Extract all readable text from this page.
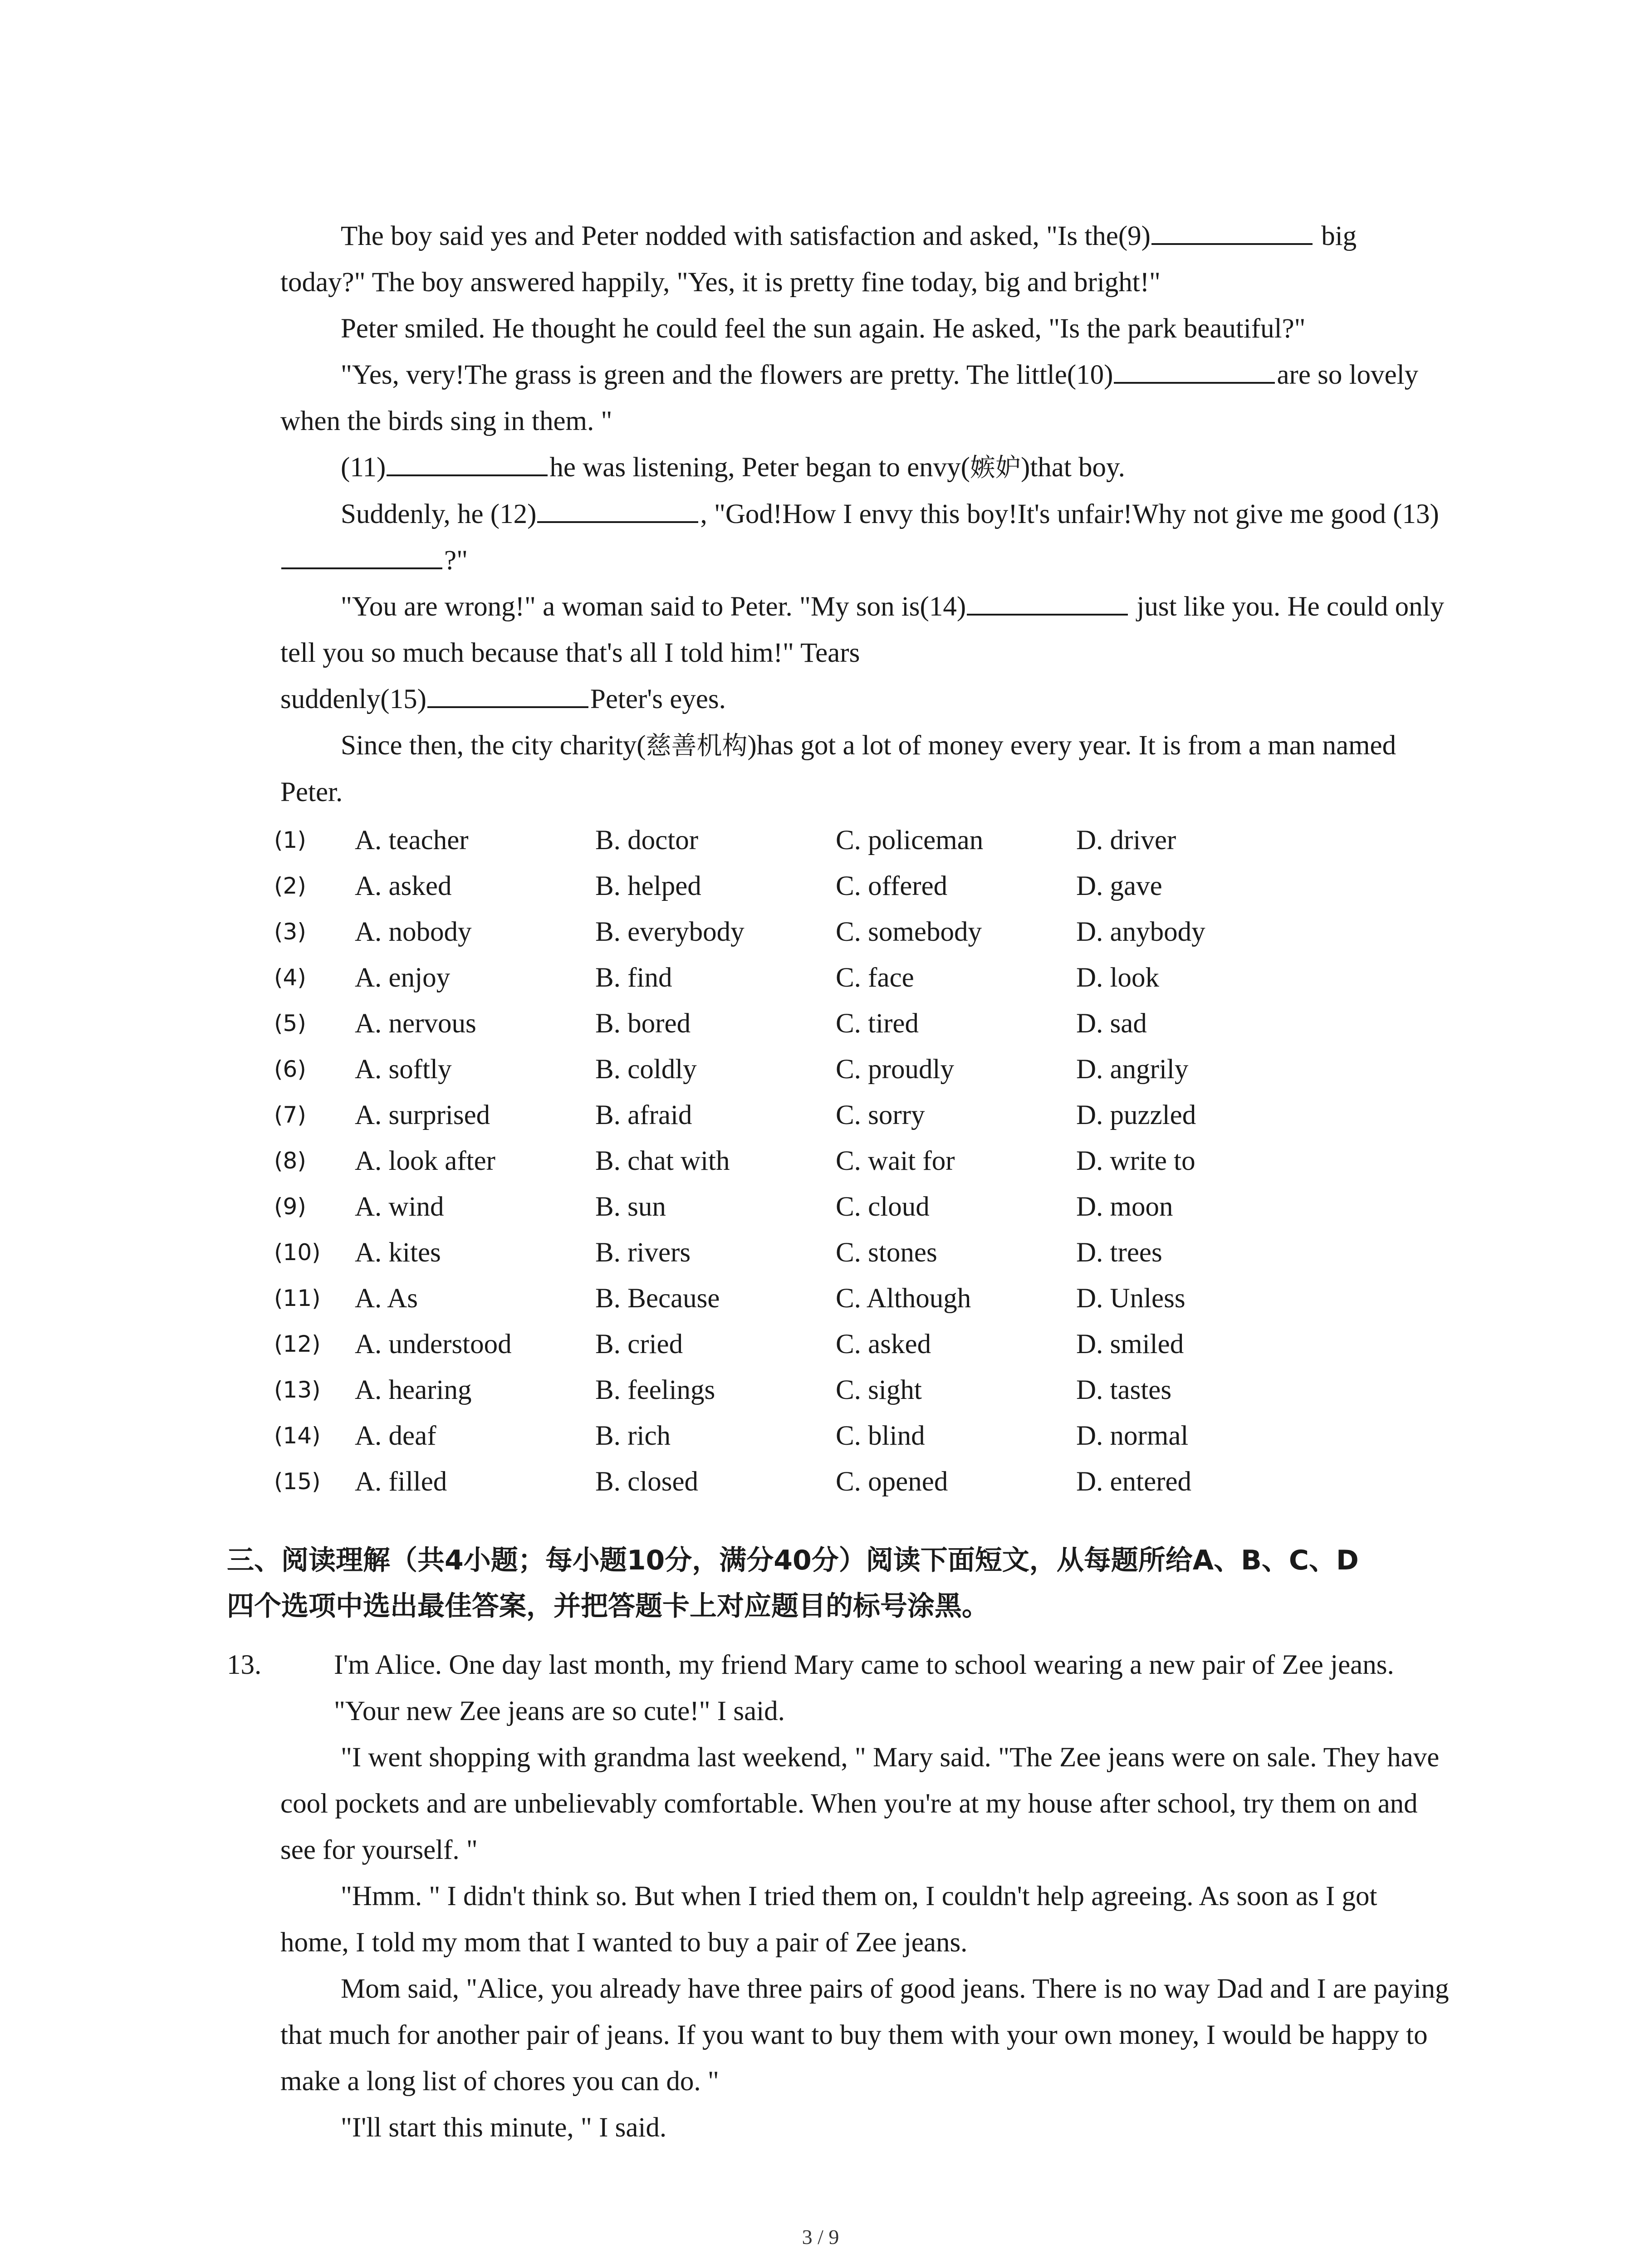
The boy said yes and Peter nodded with satisfaction and asked, "Is the(9)	big today?" The boy answered happily, "Yes, it is pretty fine today, big and bright!"

Peter smiled. He thought he could feel the sun again. He asked, "Is the park beautiful?"

"Yes, very!The grass is green and the flowers are pretty. The little(10)	are so lovely when the birds sing in them. "

(11)	he was listening, Peter began to envy(嫉妒)that boy.

Suddenly, he (12)	, "God!How I envy this boy!It's unfair!Why not give me good (13)?"

"You are wrong!" a woman said to Peter. "My son is(14)	just like you. He could only tell you so much because that's all I told him!" Tears

suddenly(15)	Peter's eyes.

Since then, the city charity(慈善机构)has got a lot of money every year. It is from a man named Peter.

(1)	A. teacher	B. doctor	C. policeman	D. driver
(2)	A. asked	B. helped	C. offered	D. gave
(3)	A. nobody	B. everybody	C. somebody	D. anybody
(4)	A. enjoy	B. find	C. face	D. look
(5)	A. nervous	B. bored	C. tired	D. sad
(6)	A. softly	B. coldly	C. proudly	D. angrily
(7)	A. surprised	B. afraid	C. sorry	D. puzzled
(8)	A. look after	B. chat with	C. wait for	D. write to
(9)	A. wind	B. sun	C. cloud	D. moon
(10)	A. kites	B. rivers	C. stones	D. trees
(11)	A. As	B. Because	C. Although	D. Unless
(12)	A. understood	B. cried	C. asked	D. smiled
(13)	A. hearing	B. feelings	C. sight	D. tastes
(14)	A. deaf	B. rich	C. blind	D. normal
(15)	A. filled	B. closed	C. opened	D. entered
三、阅读理解（共4小题；每小题10分，满分40分）阅读下面短文，从每题所给A、B、C、D
四个选项中选出最佳答案，并把答题卡上对应题目的标号涂黑。
13.	I'm Alice. One day last month, my friend Mary came to school wearing a new pair of Zee jeans. "Your new Zee jeans are so cute!" I said.

"I went shopping with grandma last weekend, " Mary said. "The Zee jeans were on sale. They have cool pockets and are unbelievably comfortable. When you're at my house after school, try them on and see for yourself. "

"Hmm. " I didn't think so. But when I tried them on, I couldn't help agreeing. As soon as I got home, I told my mom that I wanted to buy a pair of Zee jeans.

Mom said, "Alice, you already have three pairs of good jeans. There is no way Dad and I are paying that much for another pair of jeans. If you want to buy them with your own money, I would be happy to make a long list of chores you can do. "

"I'll start this minute, " I said.

3 / 9
